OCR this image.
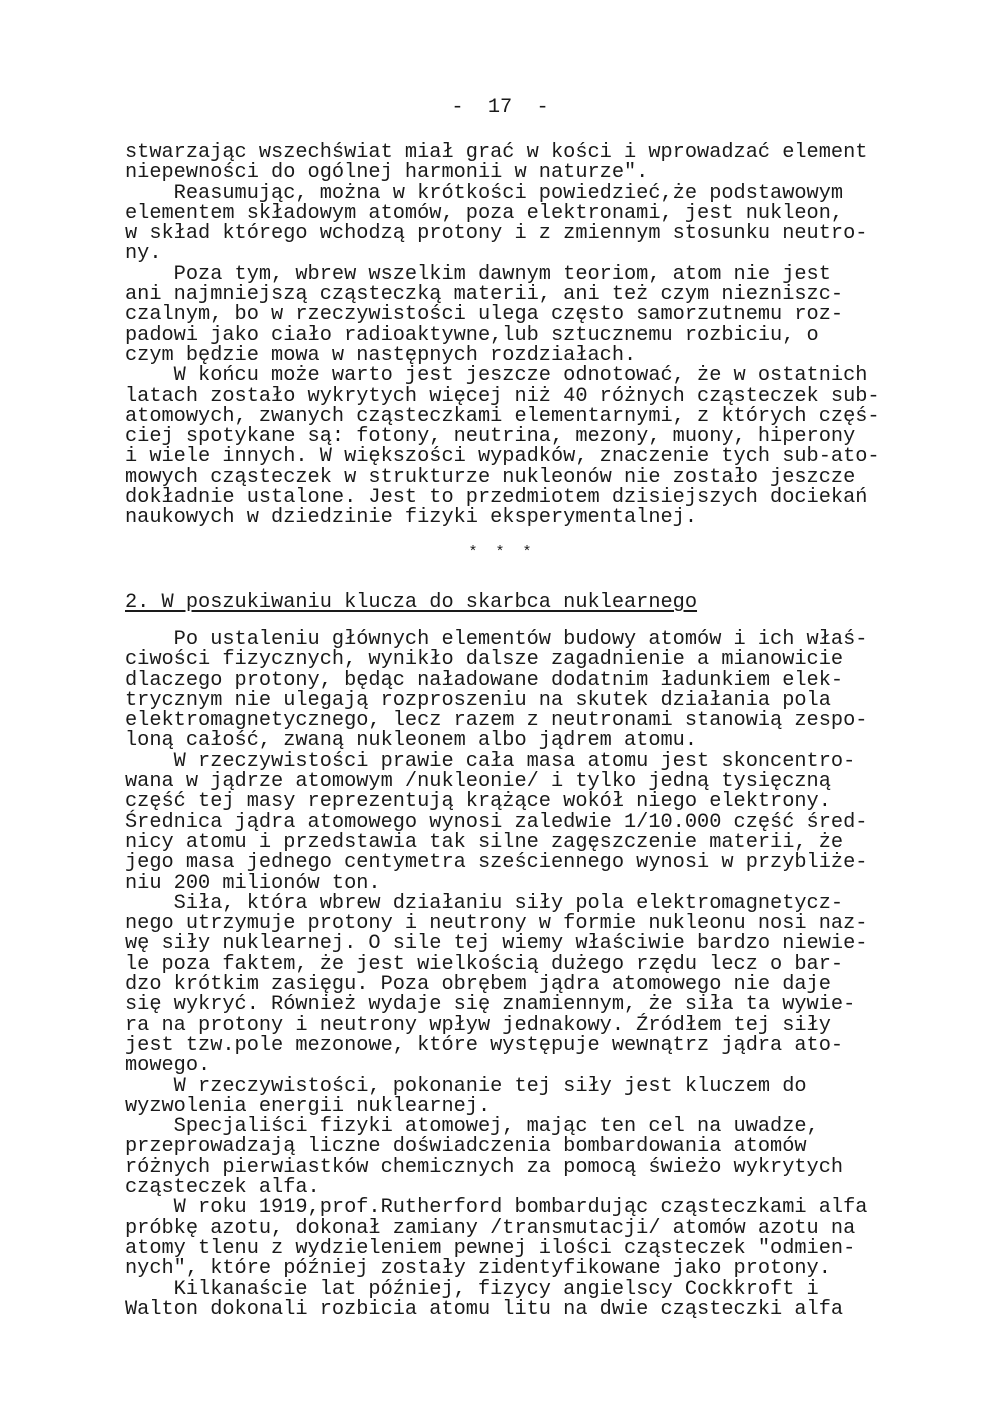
-  17  -
stwarzając wszechświat miał grać w kości i wprowadzać element
niepewności do ogólnej harmonii w naturze".
Reasumując, można w krótkości powiedzieć,że podstawowym
elementem składowym atomów, poza elektronami, jest nukleon,
w skład którego wchodzą protony i z zmiennym stosunku neutro-
ny.
Poza tym, wbrew wszelkim dawnym teoriom, atom nie jest
ani najmniejszą cząsteczką materii, ani też czym niezniszc-
czalnym, bo w rzeczywistości ulega często samorzutnemu roz-
padowi jako ciało radioaktywne,lub sztucznemu rozbiciu, o
czym będzie mowa w następnych rozdziałach.
W końcu może warto jest jeszcze odnotować, że w ostatnich
latach zostało wykrytych więcej niż 40 różnych cząsteczek sub-
atomowych, zwanych cząsteczkami elementarnymi, z których częś-
ciej spotykane są: fotony, neutrina, mezony, muony, hiperony
i wiele innych. W większości wypadków, znaczenie tych sub-ato-
mowych cząsteczek w strukturze nukleonów nie zostało jeszcze
dokładnie ustalone. Jest to przedmiotem dzisiejszych dociekań
naukowych w dziedzinie fizyki eksperymentalnej.
*  *  *
2. W poszukiwaniu klucza do skarbca nuklearnego
Po ustaleniu głównych elementów budowy atomów i ich właś-
ciwości fizycznych, wynikło dalsze zagadnienie a mianowicie
dlaczego protony, będąc naładowane dodatnim ładunkiem elek-
trycznym nie ulegają rozproszeniu na skutek działania pola
elektromagnetycznego, lecz razem z neutronami stanowią zespo-
loną całość, zwaną nukleonem albo jądrem atomu.
W rzeczywistości prawie cała masa atomu jest skoncentro-
wana w jądrze atomowym /nukleonie/ i tylko jedną tysięczną
część tej masy reprezentują krążące wokół niego elektrony.
Średnica jądra atomowego wynosi zaledwie 1/10.000 część śred-
nicy atomu i przedstawia tak silne zagęszczenie materii, że
jego masa jednego centymetra sześciennego wynosi w przybliże-
niu 200 milionów ton.
Siła, która wbrew działaniu siły pola elektromagnetycz-
nego utrzymuje protony i neutrony w formie nukleonu nosi naz-
wę siły nuklearnej. O sile tej wiemy właściwie bardzo niewie-
le poza faktem, że jest wielkością dużego rzędu lecz o bar-
dzo krótkim zasięgu. Poza obrębem jądra atomowego nie daje
się wykryć. Również wydaje się znamiennym, że siła ta wywie-
ra na protony i neutrony wpływ jednakowy. Źródłem tej siły
jest tzw.pole mezonowe, które występuje wewnątrz jądra ato-
mowego.
W rzeczywistości, pokonanie tej siły jest kluczem do
wyzwolenia energii nuklearnej.
Specjaliści fizyki atomowej, mając ten cel na uwadze,
przeprowadzają liczne doświadczenia bombardowania atomów
różnych pierwiastków chemicznych za pomocą świeżo wykrytych
cząsteczek alfa.
W roku 1919,prof.Rutherford bombardując cząsteczkami alfa
próbkę azotu, dokonał zamiany /transmutacji/ atomów azotu na
atomy tlenu z wydzieleniem pewnej ilości cząsteczek "odmien-
nych", które później zostały zidentyfikowane jako protony.
Kilkanaście lat później, fizycy angielscy Cockkroft i
Walton dokonali rozbicia atomu litu na dwie cząsteczki alfa
